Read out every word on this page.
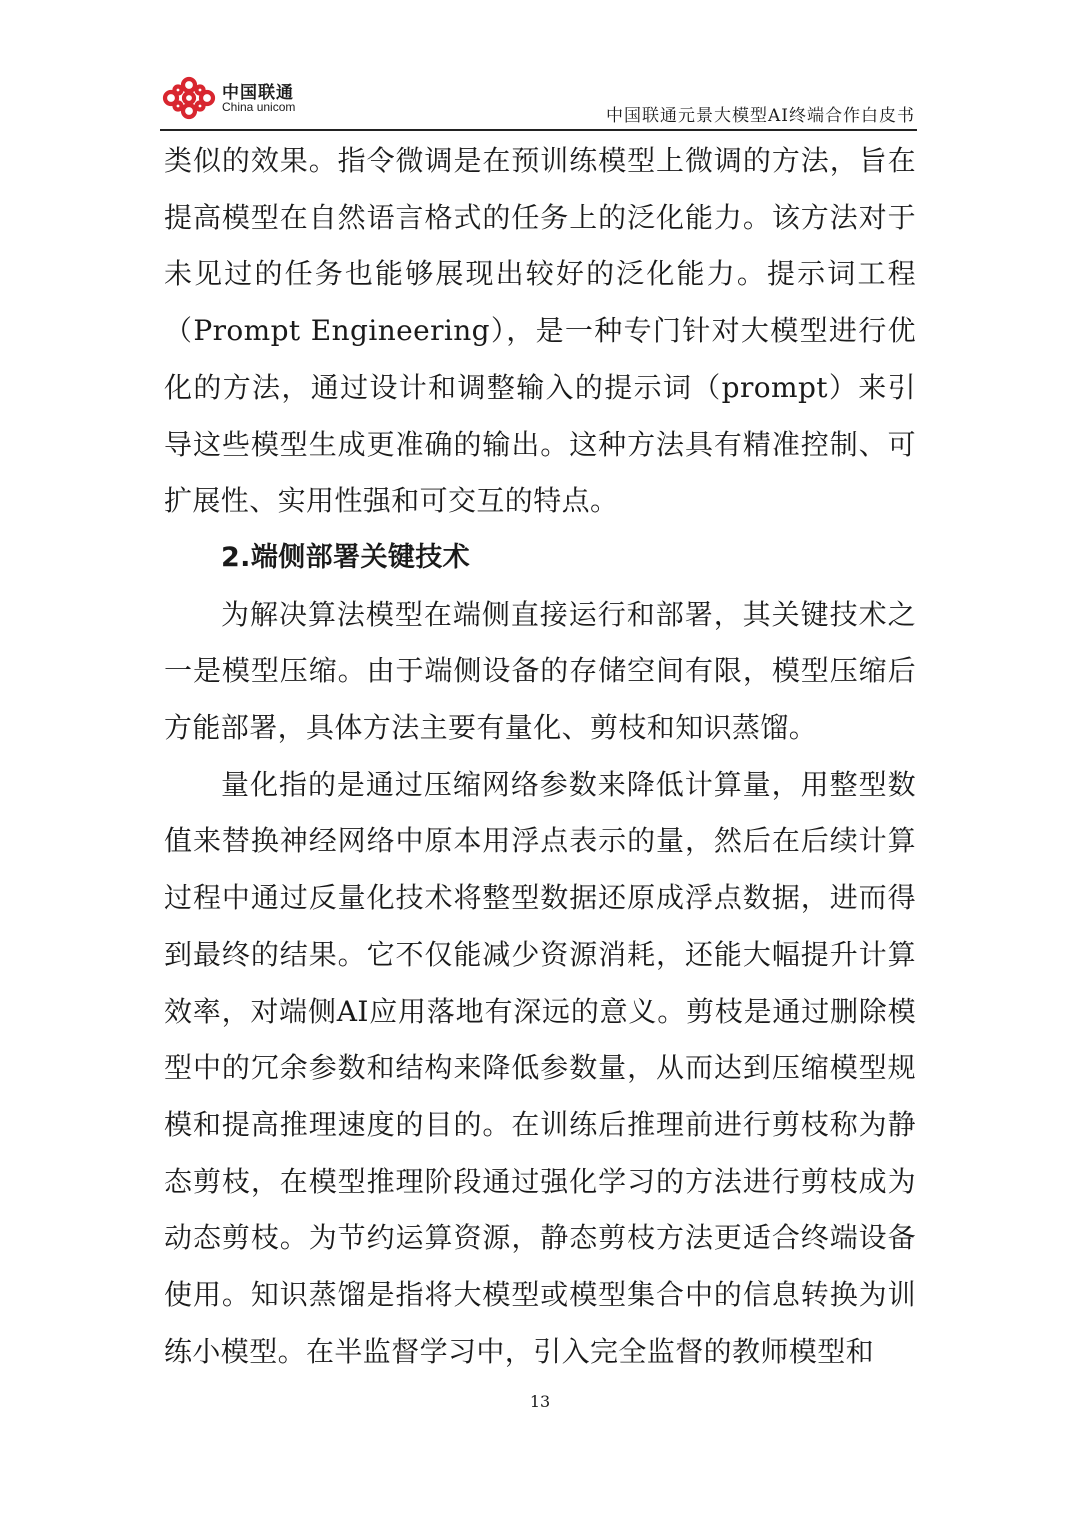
中国联通
China unicom	中国联通元景大模型AI终端合作白皮书

类似的效果。指令微调是在预训练模型上微调的方法，旨在提高模型在自然语言格式的任务上的泛化能力。该方法对于未见过的任务也能够展现出较好的泛化能力。提示词工程（Prompt Engineering），是一种专门针对大模型进行优化的方法，通过设计和调整输入的提示词（prompt）来引导这些模型生成更准确的输出。这种方法具有精准控制、可扩展性、实用性强和可交互的特点。

2.端侧部署关键技术

为解决算法模型在端侧直接运行和部署，其关键技术之一是模型压缩。由于端侧设备的存储空间有限，模型压缩后方能部署，具体方法主要有量化、剪枝和知识蒸馏。

量化指的是通过压缩网络参数来降低计算量，用整型数值来替换神经网络中原本用浮点表示的量，然后在后续计算过程中通过反量化技术将整型数据还原成浮点数据，进而得到最终的结果。它不仅能减少资源消耗，还能大幅提升计算效率，对端侧AI应用落地有深远的意义。剪枝是通过删除模型中的冗余参数和结构来降低参数量，从而达到压缩模型规模和提高推理速度的目的。在训练后推理前进行剪枝称为静态剪枝，在模型推理阶段通过强化学习的方法进行剪枝成为动态剪枝。为节约运算资源，静态剪枝方法更适合终端设备使用。知识蒸馏是指将大模型或模型集合中的信息转换为训练小模型。在半监督学习中，引入完全监督的教师模型和

13
